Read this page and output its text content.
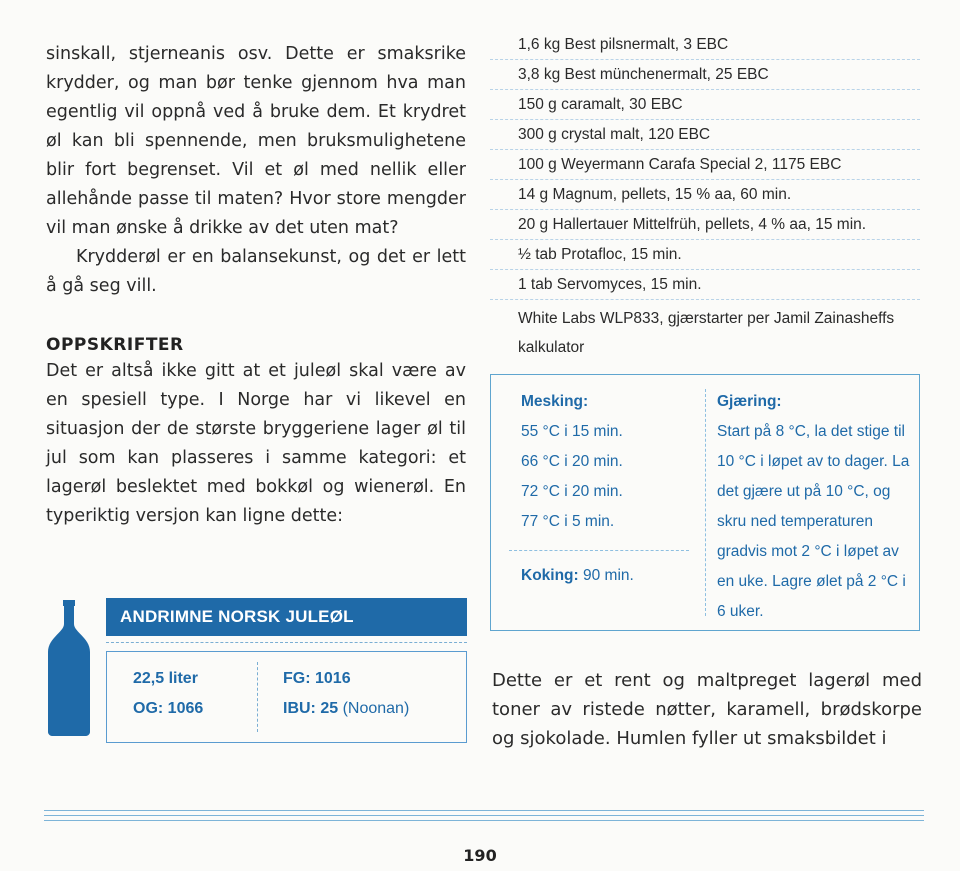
sinskall, stjerneanis osv. Dette er smaksrike krydder, og man bør tenke gjennom hva man egentlig vil oppnå ved å bruke dem. Et krydret øl kan bli spennende, men bruksmulighetene blir fort begrenset. Vil et øl med nellik eller allehånde passe til maten? Hvor store mengder vil man ønske å drikke av det uten mat?

Krydderøl er en balansekunst, og det er lett å gå seg vill.

OPPSKRIFTER

Det er altså ikke gitt at et juleøl skal være av en spesiell type. I Norge har vi likevel en situasjon der de største bryggeriene lager øl til jul som kan plasseres i samme kategori: et lagerøl beslektet med bokkøl og wienerøl. En typeriktig versjon kan ligne dette:

ANDRIMNE NORSK JULEØL
22,5 liter
OG: 1066
FG: 1016
IBU: 25 (Noonan)
1,6 kg Best pilsnermalt, 3 EBC
3,8 kg Best münchenermalt, 25 EBC
150 g caramalt, 30 EBC
300 g crystal malt, 120 EBC
100 g Weyermann Carafa Special 2, 1175 EBC
14 g Magnum, pellets, 15 % aa, 60 min.
20 g Hallertauer Mittelfrüh, pellets, 4 % aa, 15 min.
½ tab Protafloc, 15 min.
1 tab Servomyces, 15 min.
White Labs WLP833, gjærstarter per Jamil Zainasheffs kalkulator
Mesking:
55 °C i 15 min.
66 °C i 20 min.
72 °C i 20 min.
77 °C i 5 min.
Koking: 90 min.
Gjæring:
Start på 8 °C, la det stige til 10 °C i løpet av to dager. La det gjære ut på 10 °C, og skru ned temperaturen gradvis mot 2 °C i løpet av en uke. Lagre ølet på 2 °C i 6 uker.

Dette er et rent og maltpreget lagerøl med toner av ristede nøtter, karamell, brødskorpe og sjokolade. Humlen fyller ut smaksbildet i

190
